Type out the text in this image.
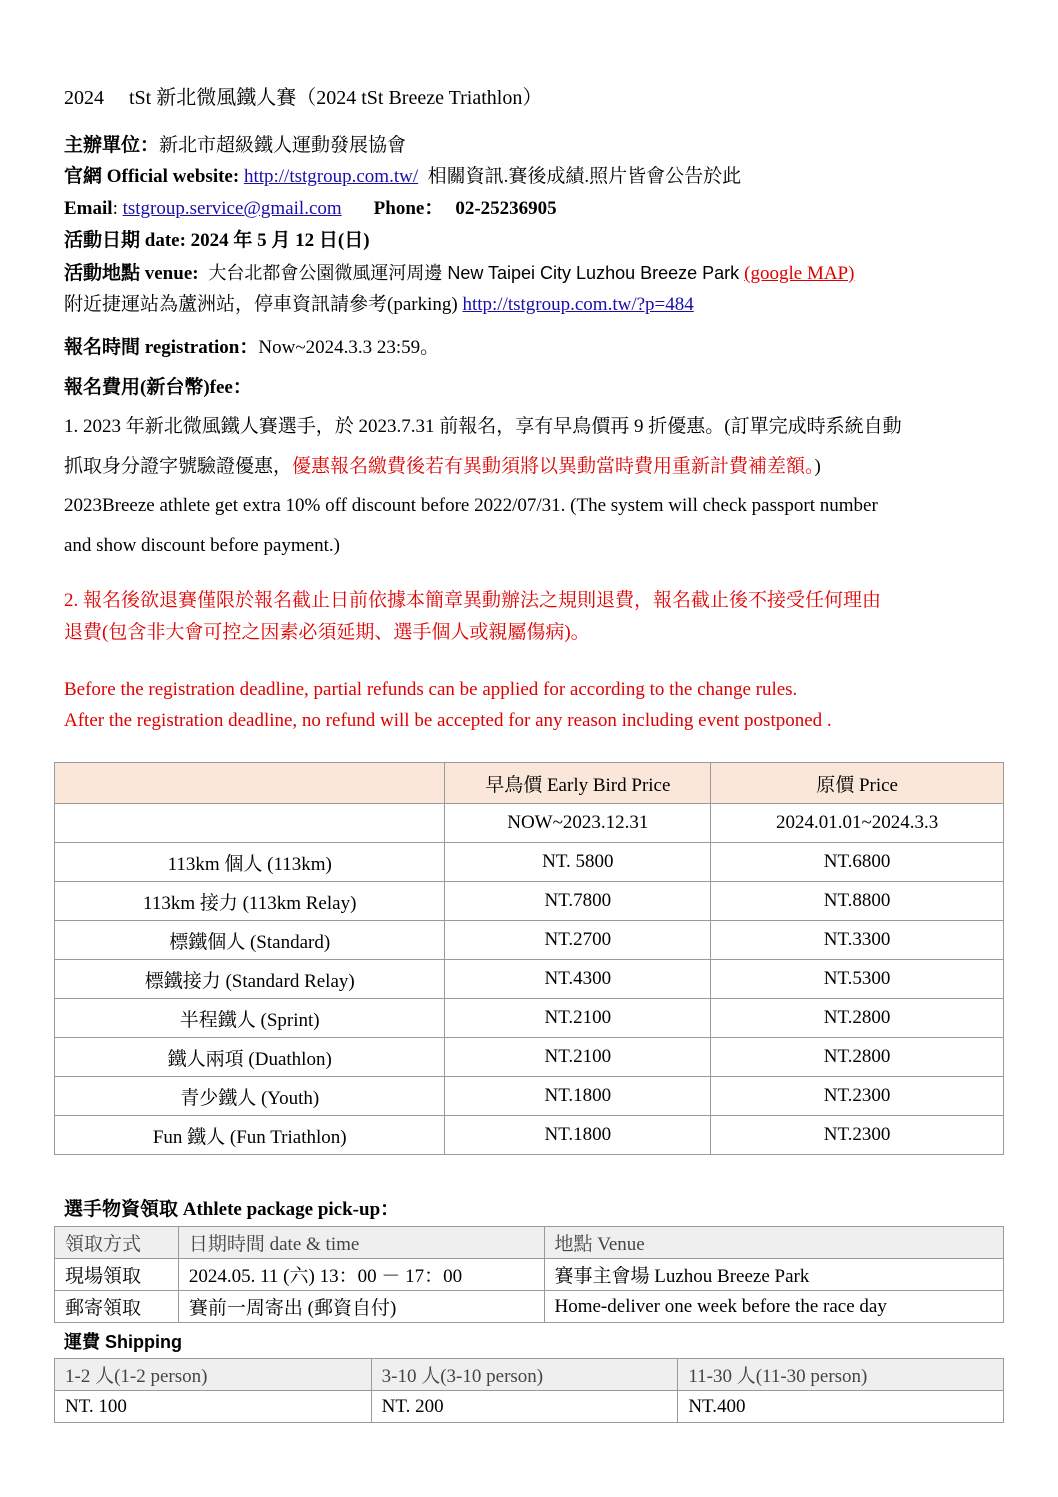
2024　 tSt 新北微風鐵人賽（2024 tSt Breeze Triathlon）
主辦單位：新北市超級鐵人運動發展協會
官網 Official website: http://tstgroup.com.tw/  相關資訊.賽後成績.照片皆會公告於此
Email: tstgroup.service@gmail.com Phone： 02-25236905
活動日期 date: 2024 年 5 月 12 日(日)
活動地點 venue:  大台北都會公園微風運河周邊 New Taipei City Luzhou Breeze Park (google MAP)
附近捷運站為蘆洲站，停車資訊請參考(parking) http://tstgroup.com.tw/?p=484
報名時間 registration：Now~2024.3.3 23:59。
報名費用(新台幣)fee：
1. 2023 年新北微風鐵人賽選手，於 2023.7.31 前報名，享有早鳥價再 9 折優惠。(訂單完成時系統自動
抓取身分證字號驗證優惠，優惠報名繳費後若有異動須將以異動當時費用重新計費補差額。)
2023Breeze athlete get extra 10% off discount before 2022/07/31. (The system will check passport number
and show discount before payment.)
2. 報名後欲退賽僅限於報名截止日前依據本簡章異動辦法之規則退費，報名截止後不接受任何理由
退費(包含非大會可控之因素必須延期、選手個人或親屬傷病)。
Before the registration deadline, partial refunds can be applied for according to the change rules.
After the registration deadline, no refund will be accepted for any reason including event postponed .
	早鳥價 Early Bird Price	原價 Price
	NOW~2023.12.31	2024.01.01~2024.3.3
113km 個人 (113km)	NT. 5800	NT.6800
113km 接力 (113km Relay)	NT.7800	NT.8800
標鐵個人 (Standard)	NT.2700	NT.3300
標鐵接力 (Standard Relay)	NT.4300	NT.5300
半程鐵人 (Sprint)	NT.2100	NT.2800
鐵人兩項 (Duathlon)	NT.2100	NT.2800
青少鐵人 (Youth)	NT.1800	NT.2300
Fun 鐵人 (Fun Triathlon)	NT.1800	NT.2300
選手物資領取 Athlete package pick-up：
領取方式	日期時間 date & time	地點 Venue
現場領取	2024.05. 11 (六) 13：00 － 17：00	賽事主會場 Luzhou Breeze Park
郵寄領取	賽前一周寄出 (郵資自付)	Home-deliver one week before the race day
運費 Shipping
1-2 人(1-2 person)	3-10 人(3-10 person)	11-30 人(11-30 person)
NT. 100	NT. 200	NT.400
